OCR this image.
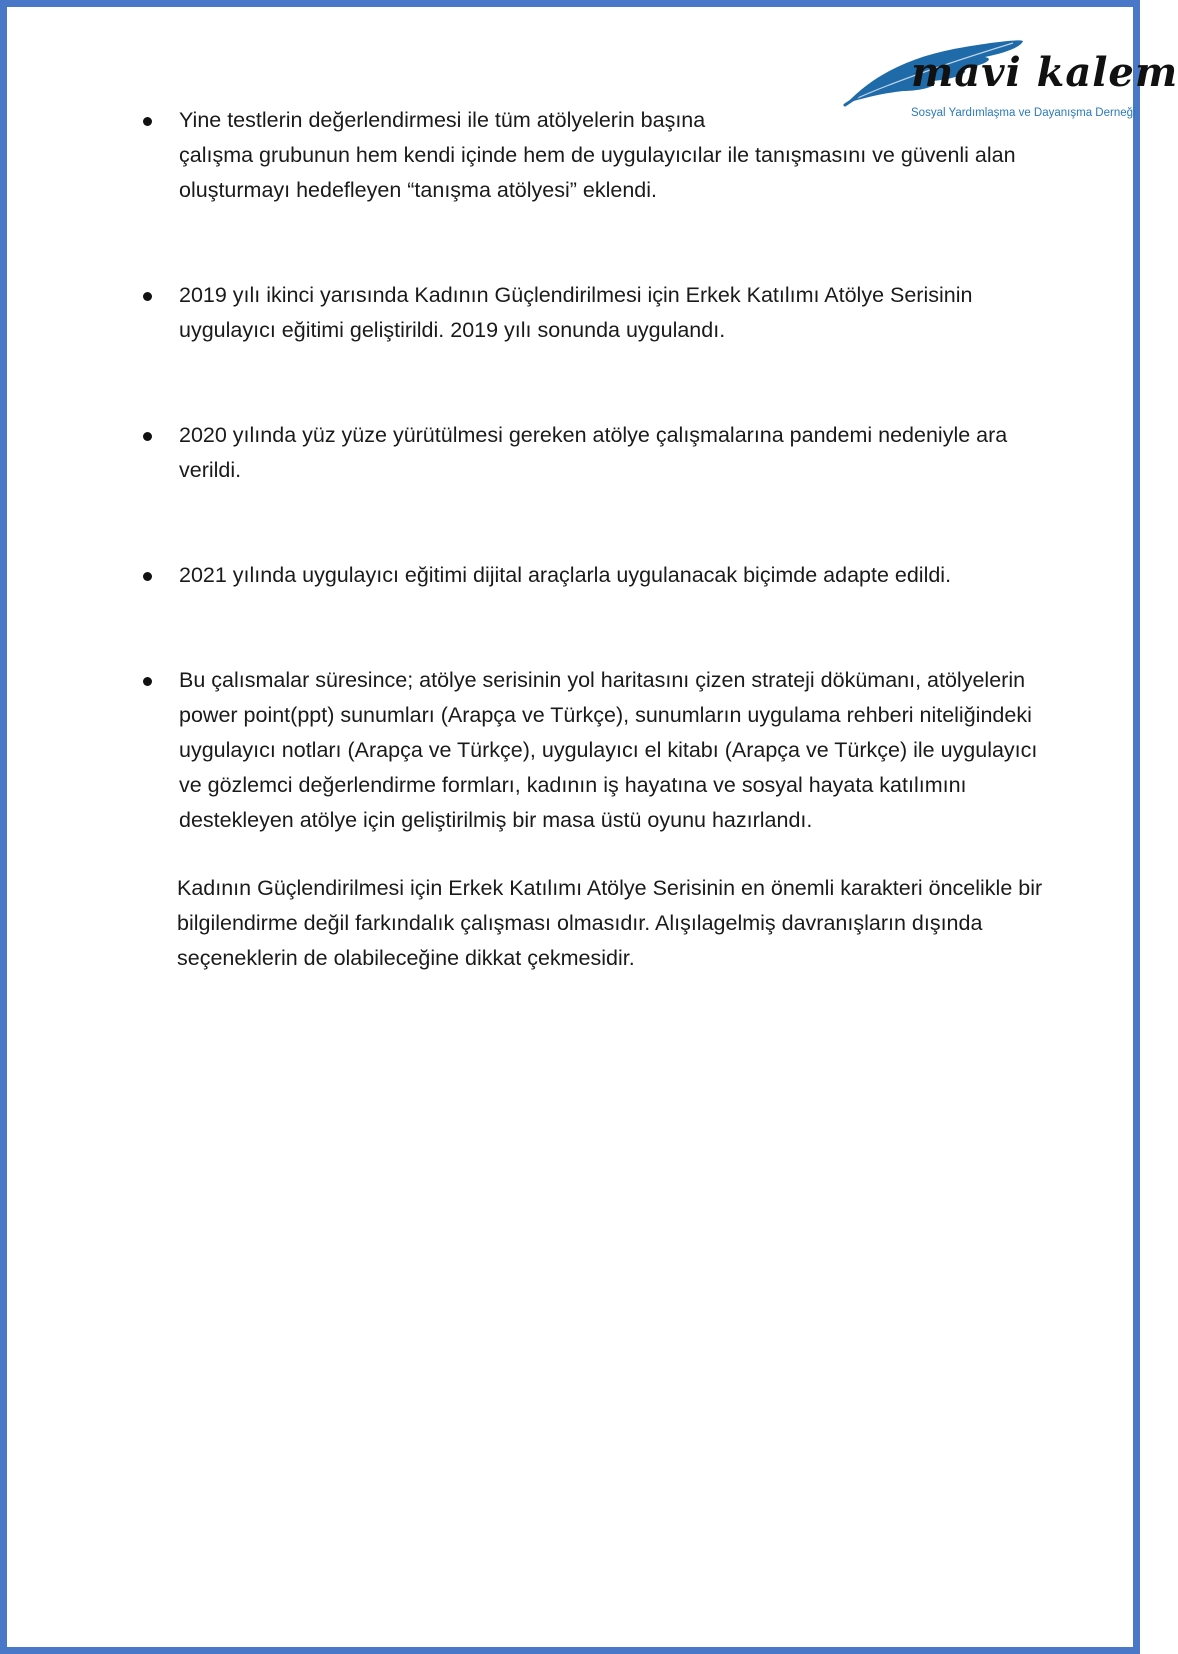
mavi kalem
Sosyal Yardımlaşma ve Dayanışma Derneği
Yine testlerin değerlendirmesi ile tüm atölyelerin başına
çalışma grubunun hem kendi içinde hem de uygulayıcılar ile tanışmasını ve güvenli alan oluşturmayı hedefleyen “tanışma atölyesi” eklendi.
2019 yılı ikinci yarısında Kadının Güçlendirilmesi için Erkek Katılımı Atölye Serisinin uygulayıcı eğitimi geliştirildi. 2019 yılı sonunda uygulandı.
2020 yılında yüz yüze yürütülmesi gereken atölye çalışmalarına pandemi nedeniyle ara verildi.
2021 yılında uygulayıcı eğitimi dijital araçlarla uygulanacak biçimde adapte edildi.
Bu çalısmalar süresince; atölye serisinin yol haritasını çizen strateji dökümanı, atölyelerin power point(ppt) sunumları (Arapça ve Türkçe), sunumların uygulama rehberi niteliğindeki uygulayıcı notları (Arapça ve Türkçe), uygulayıcı el kitabı (Arapça ve Türkçe) ile uygulayıcı ve gözlemci değerlendirme formları, kadının iş hayatına ve sosyal hayata katılımını destekleyen atölye için geliştirilmiş bir masa üstü oyunu hazırlandı.

Kadının Güçlendirilmesi için Erkek Katılımı Atölye Serisinin en önemli karakteri öncelikle bir bilgilendirme değil farkındalık çalışması olmasıdır. Alışılagelmiş davranışların dışında seçeneklerin de olabileceğine dikkat çekmesidir.
